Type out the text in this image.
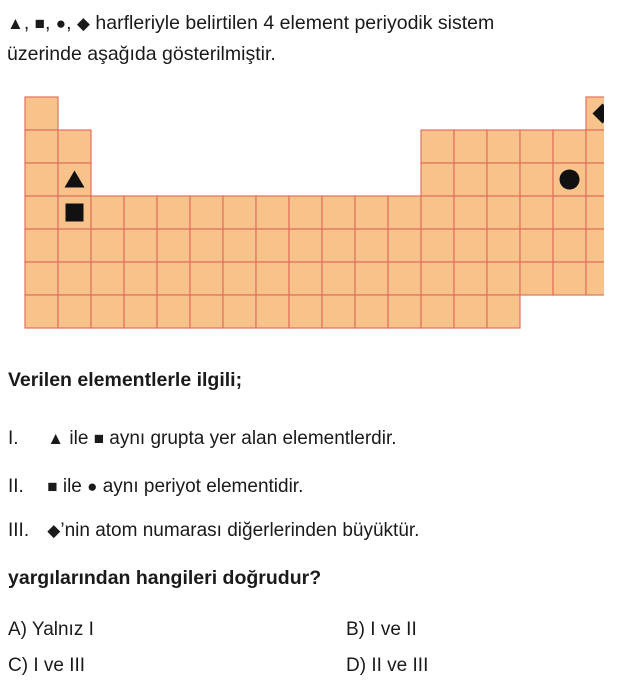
▲, ■, ●, ◆ harfleriyle belirtilen 4 element periyodik sistem
üzerinde aşağıda gösterilmiştir.
Verilen elementlerle ilgili;
I. ▲ ile ■ aynı grupta yer alan elementlerdir.
II. ■ ile ● aynı periyot elementidir.
III. ◆’nin atom numarası diğerlerinden büyüktür.
yargılarından hangileri doğrudur?
A) Yalnız I	B) I ve II
C) I ve III	D) II ve III
